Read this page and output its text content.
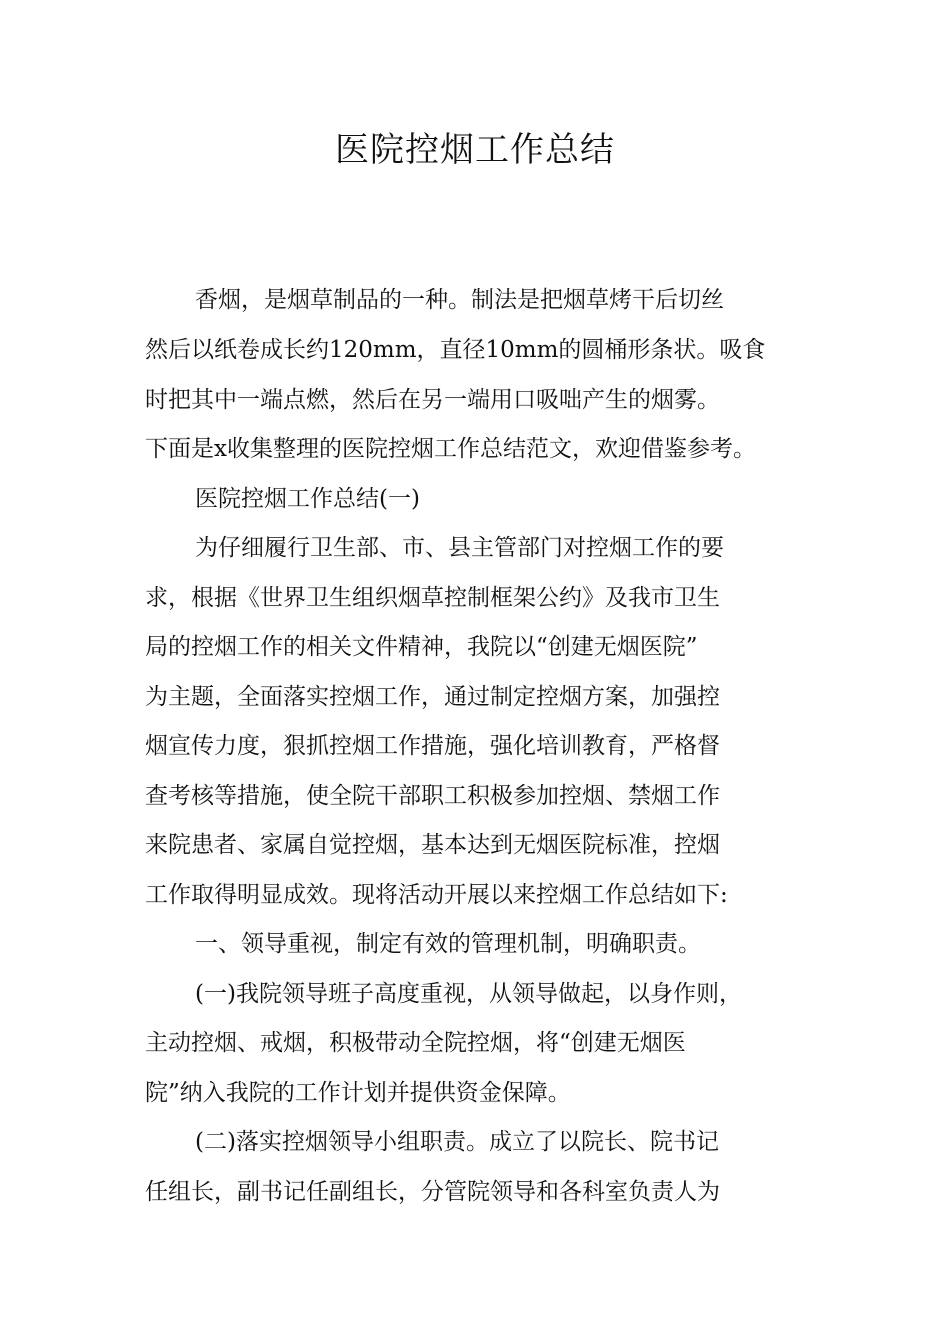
医院控烟工作总结
香烟，是烟草制品的一种。制法是把烟草烤干后切丝
然后以纸卷成长约120mm，直径10mm的圆桶形条状。吸食
时把其中一端点燃，然后在另一端用口吸咄产生的烟雾。
下面是x收集整理的医院控烟工作总结范文，欢迎借鉴参考。
医院控烟工作总结(一)
为仔细履行卫生部、市、县主管部门对控烟工作的要
求，根据《世界卫生组织烟草控制框架公约》及我市卫生
局的控烟工作的相关文件精神，我院以“创建无烟医院”
为主题，全面落实控烟工作，通过制定控烟方案，加强控
烟宣传力度，狠抓控烟工作措施，强化培训教育，严格督
查考核等措施，使全院干部职工积极参加控烟、禁烟工作
来院患者、家属自觉控烟，基本达到无烟医院标准，控烟
工作取得明显成效。现将活动开展以来控烟工作总结如下:
一、领导重视，制定有效的管理机制，明确职责。
(一)我院领导班子高度重视，从领导做起，以身作则，
主动控烟、戒烟，积极带动全院控烟，将“创建无烟医
院”纳入我院的工作计划并提供资金保障。
(二)落实控烟领导小组职责。成立了以院长、院书记
任组长，副书记任副组长，分管院领导和各科室负责人为
